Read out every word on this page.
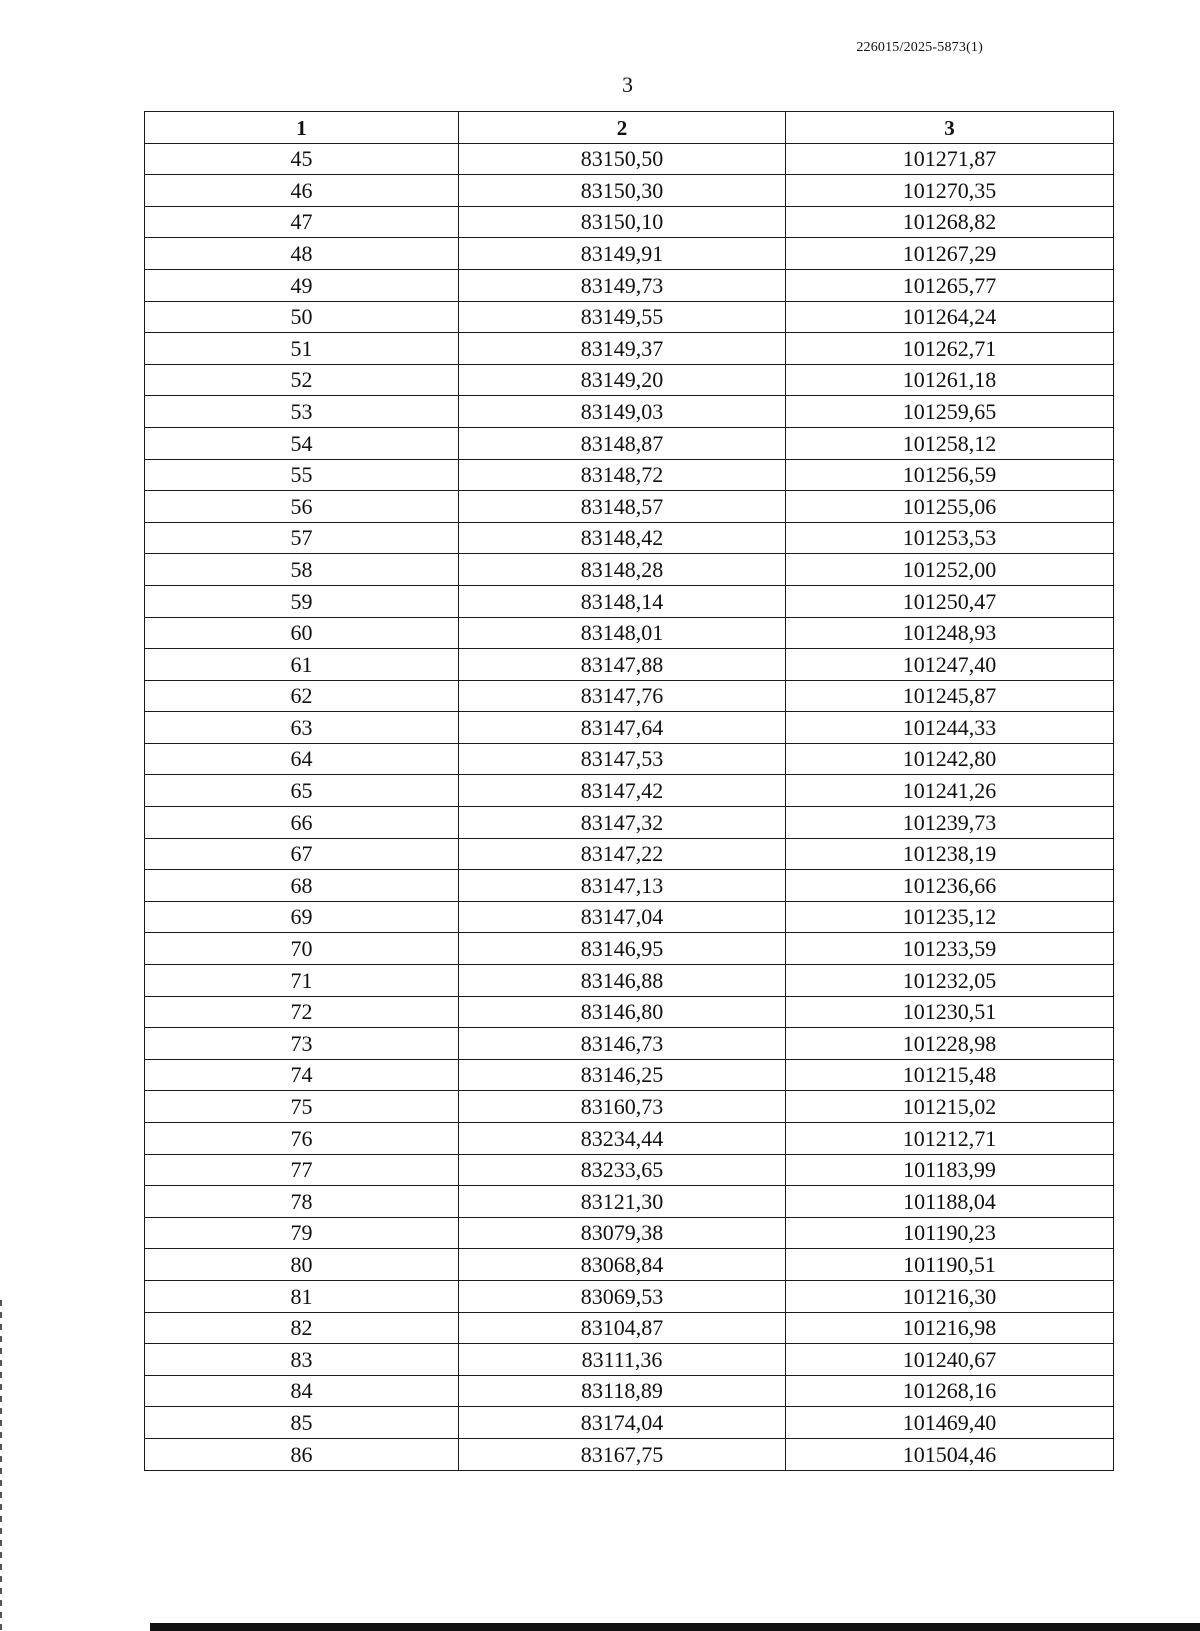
226015/2025-5873(1)
3
1	2	3
45	83150,50	101271,87
46	83150,30	101270,35
47	83150,10	101268,82
48	83149,91	101267,29
49	83149,73	101265,77
50	83149,55	101264,24
51	83149,37	101262,71
52	83149,20	101261,18
53	83149,03	101259,65
54	83148,87	101258,12
55	83148,72	101256,59
56	83148,57	101255,06
57	83148,42	101253,53
58	83148,28	101252,00
59	83148,14	101250,47
60	83148,01	101248,93
61	83147,88	101247,40
62	83147,76	101245,87
63	83147,64	101244,33
64	83147,53	101242,80
65	83147,42	101241,26
66	83147,32	101239,73
67	83147,22	101238,19
68	83147,13	101236,66
69	83147,04	101235,12
70	83146,95	101233,59
71	83146,88	101232,05
72	83146,80	101230,51
73	83146,73	101228,98
74	83146,25	101215,48
75	83160,73	101215,02
76	83234,44	101212,71
77	83233,65	101183,99
78	83121,30	101188,04
79	83079,38	101190,23
80	83068,84	101190,51
81	83069,53	101216,30
82	83104,87	101216,98
83	83111,36	101240,67
84	83118,89	101268,16
85	83174,04	101469,40
86	83167,75	101504,46
